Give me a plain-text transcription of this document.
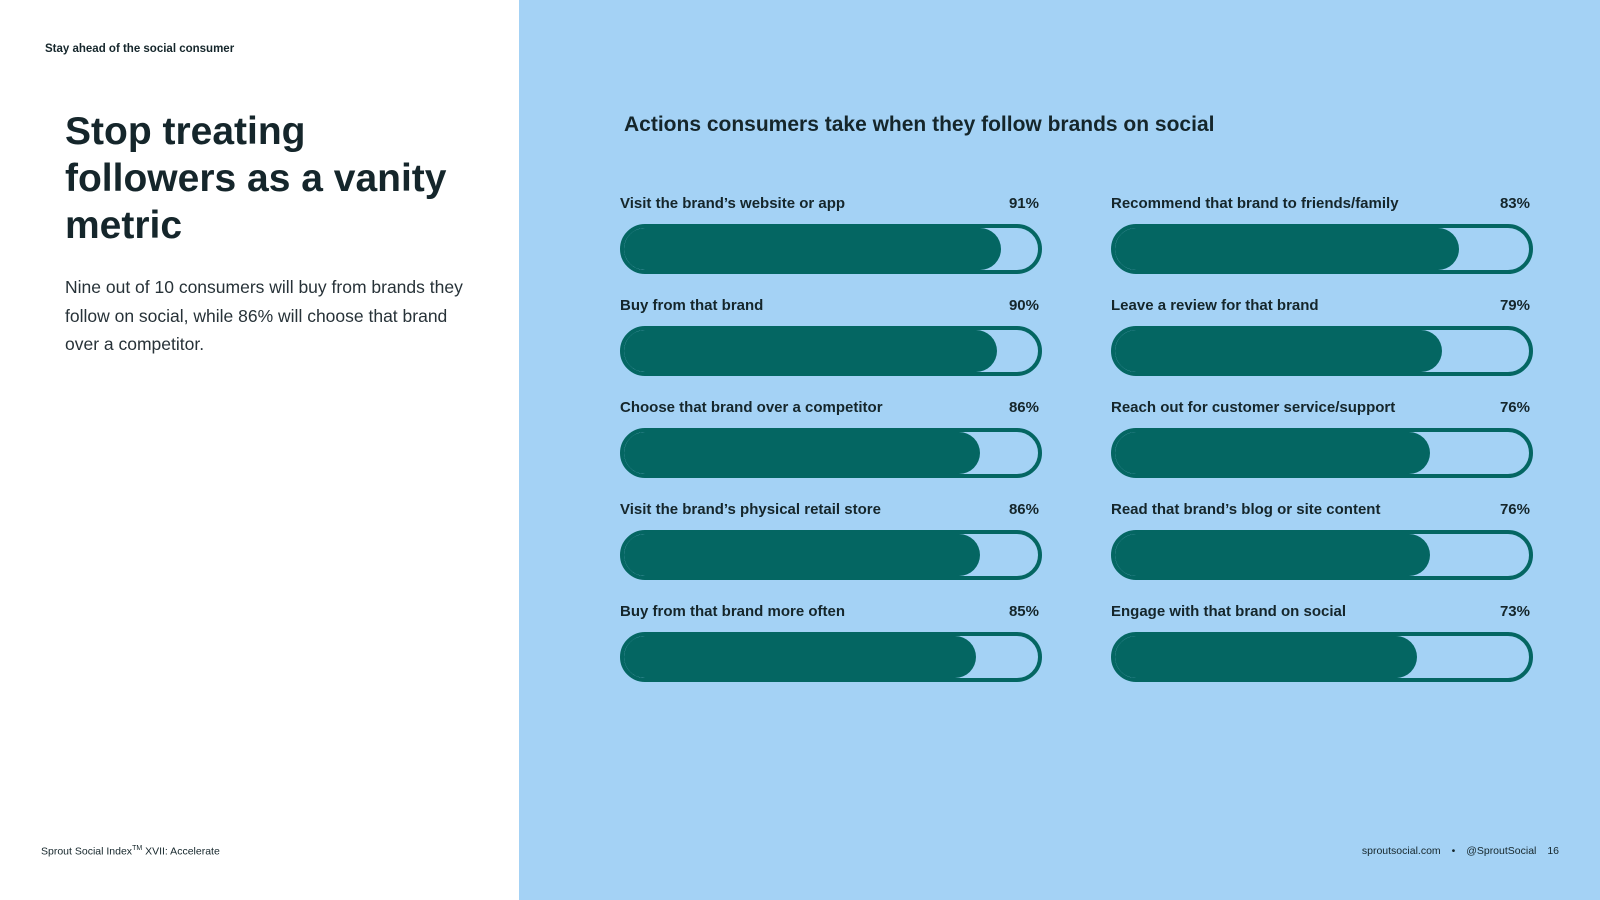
Stay ahead of the social consumer
Stop treating followers as a vanity metric

Nine out of 10 consumers will buy from brands they follow on social, while 86% will choose that brand over a competitor.

Sprout Social Index™ XVII: Accelerate
Actions consumers take when they follow brands on social
Visit the brand’s website or app	91%
Buy from that brand	90%
Choose that brand over a competitor	86%
Visit the brand’s physical retail store	86%
Buy from that brand more often	85%
Recommend that brand to friends/family	83%
Leave a review for that brand	79%
Reach out for customer service/support	76%
Read that brand’s blog or site content	76%
Engage with that brand on social	73%
sproutsocial.com • @SproutSocial 16
